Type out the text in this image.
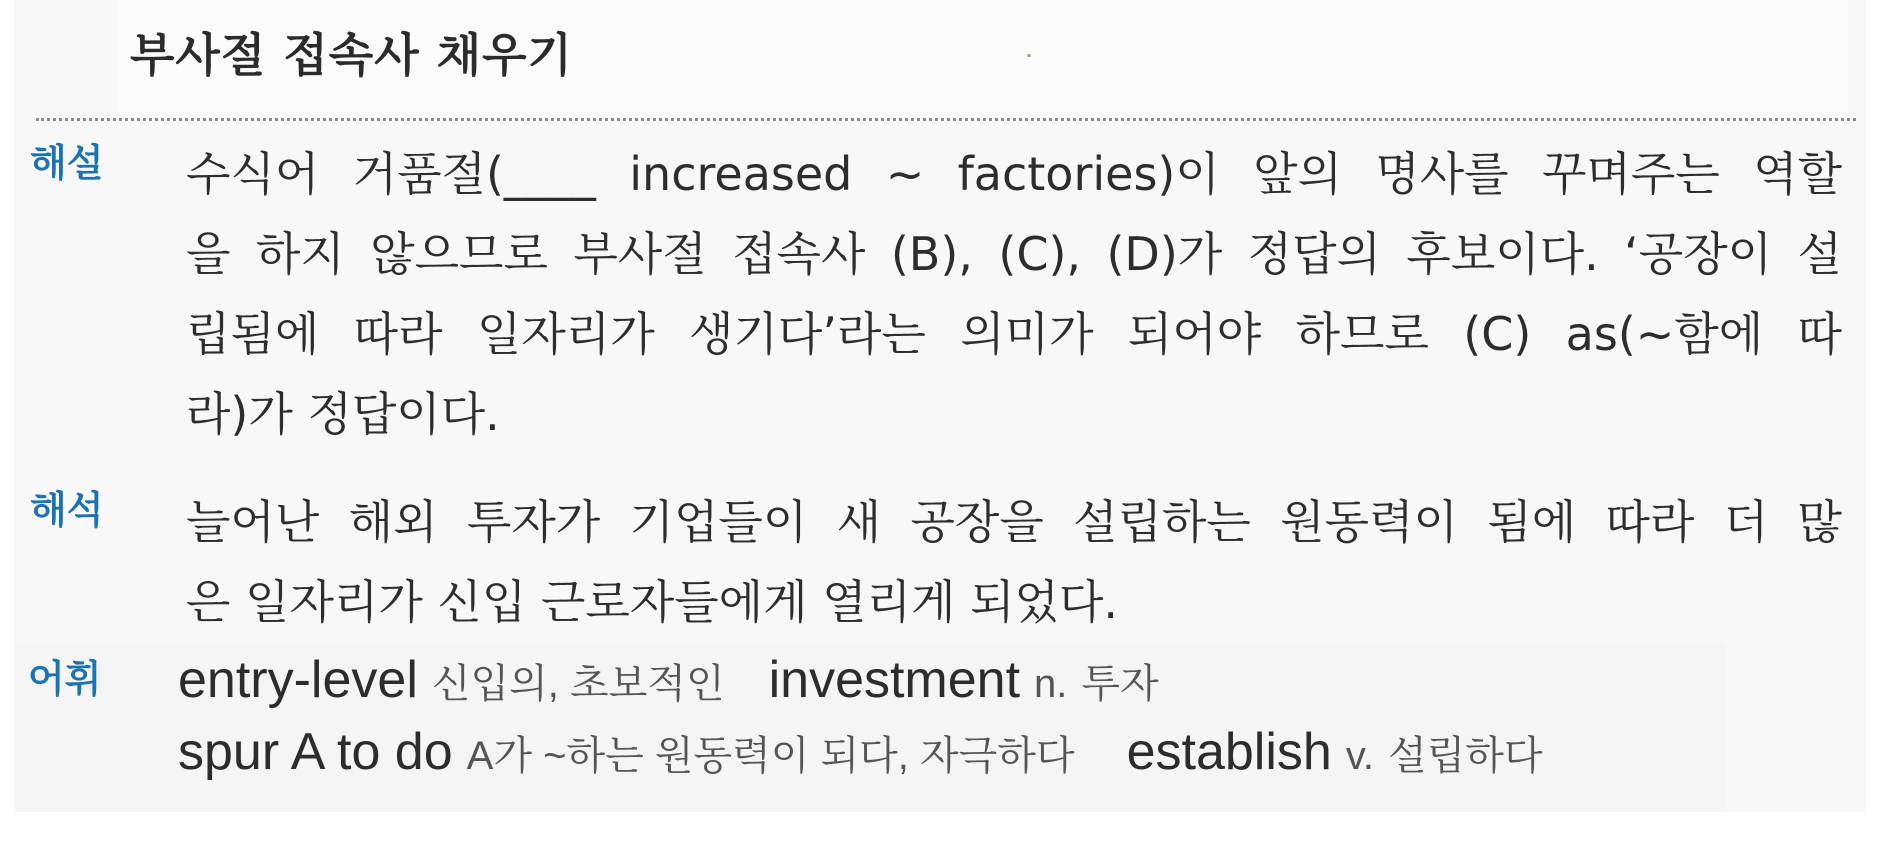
부사절 접속사 채우기

해설 수식어 거품절(____ increased ~ factories)이 앞의 명사를 꾸며주는 역할
을 하지 않으므로 부사절 접속사 (B), (C), (D)가 정답의 후보이다. ‘공장이 설
립됨에 따라 일자리가 생기다’라는 의미가 되어야 하므로 (C) as(~함에 따
라)가 정답이다.

해석 늘어난 해외 투자가 기업들이 새 공장을 설립하는 원동력이 됨에 따라 더 많
은 일자리가 신입 근로자들에게 열리게 되었다.

어휘 entry-level 신입의, 초보적인 investment n. 투자
spur A to do A가 ~하는 원동력이 되다, 자극하다 establish v. 설립하다
